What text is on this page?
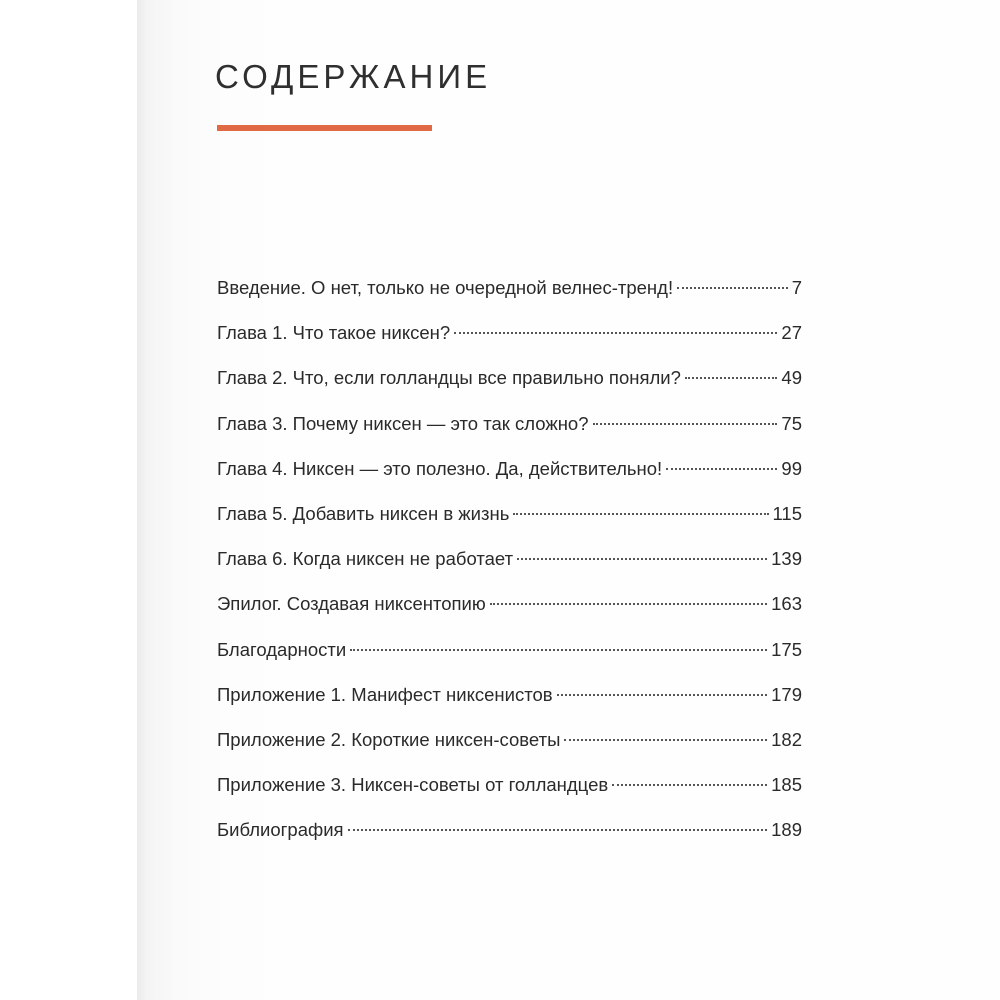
СОДЕРЖАНИЕ
Введение. О нет, только не очередной велнес-тренд!	7
Глава 1. Что такое никсен?	27
Глава 2. Что, если голландцы все правильно поняли?	49
Глава 3. Почему никсен — это так сложно?	75
Глава 4. Никсен — это полезно. Да, действительно!	99
Глава 5. Добавить никсен в жизнь	115
Глава 6. Когда никсен не работает	139
Эпилог. Создавая никсентопию	163
Благодарности	175
Приложение 1. Манифест никсенистов	179
Приложение 2. Короткие никсен-советы	182
Приложение 3. Никсен-советы от голландцев	185
Библиография	189
